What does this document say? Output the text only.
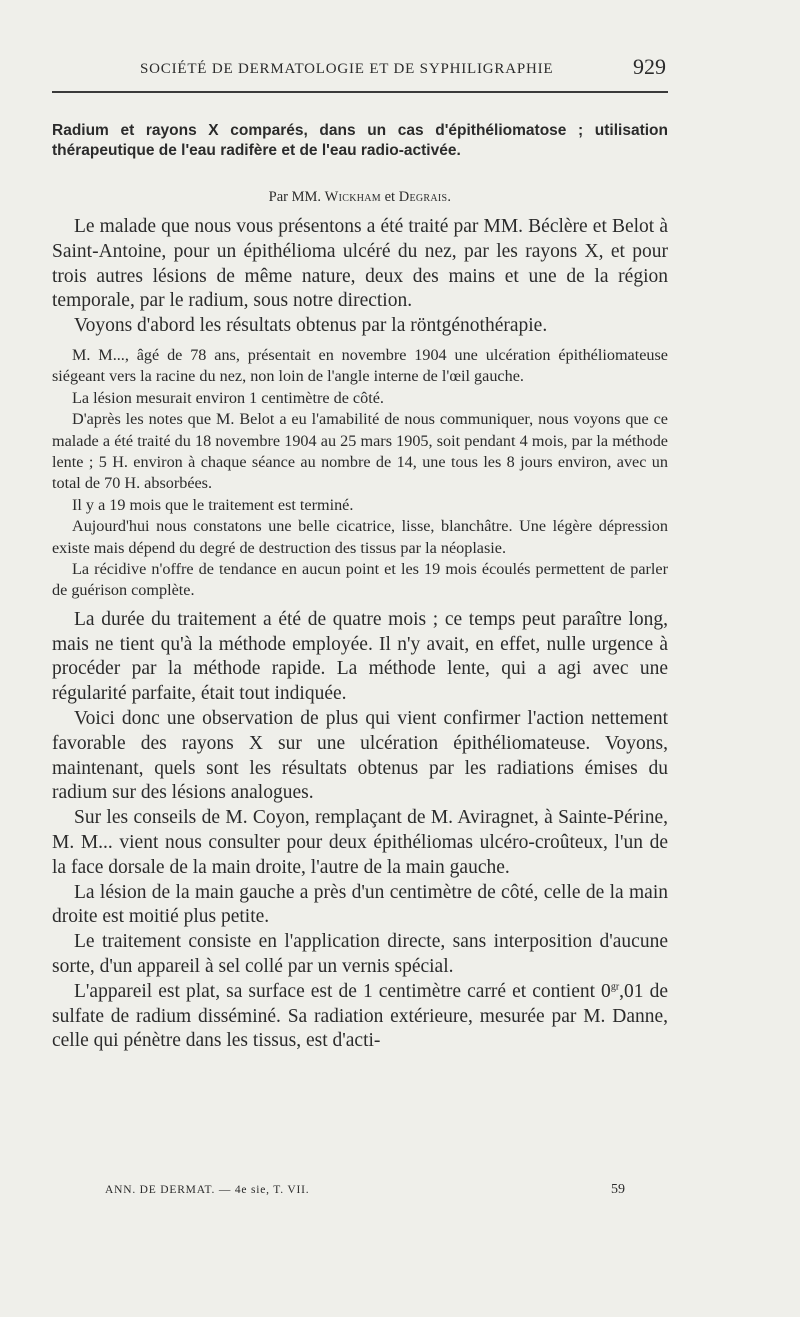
SOCIÉTÉ DE DERMATOLOGIE ET DE SYPHILIGRAPHIE	929
Radium et rayons X comparés, dans un cas d'épithéliomatose ; utilisation thérapeutique de l'eau radifère et de l'eau radio-activée.
Par MM. Wickham et Degrais.

Le malade que nous vous présentons a été traité par MM. Béclère et Belot à Saint-Antoine, pour un épithélioma ulcéré du nez, par les rayons X, et pour trois autres lésions de même nature, deux des mains et une de la région temporale, par le radium, sous notre direction.

Voyons d'abord les résultats obtenus par la röntgénothérapie.

M. M..., âgé de 78 ans, présentait en novembre 1904 une ulcération épithéliomateuse siégeant vers la racine du nez, non loin de l'angle interne de l'œil gauche.

La lésion mesurait environ 1 centimètre de côté.

D'après les notes que M. Belot a eu l'amabilité de nous communiquer, nous voyons que ce malade a été traité du 18 novembre 1904 au 25 mars 1905, soit pendant 4 mois, par la méthode lente ; 5 H. environ à chaque séance au nombre de 14, une tous les 8 jours environ, avec un total de 70 H. absorbées.

Il y a 19 mois que le traitement est terminé.

Aujourd'hui nous constatons une belle cicatrice, lisse, blanchâtre. Une légère dépression existe mais dépend du degré de destruction des tissus par la néoplasie.

La récidive n'offre de tendance en aucun point et les 19 mois écoulés permettent de parler de guérison complète.

La durée du traitement a été de quatre mois ; ce temps peut paraître long, mais ne tient qu'à la méthode employée. Il n'y avait, en effet, nulle urgence à procéder par la méthode rapide. La méthode lente, qui a agi avec une régularité parfaite, était tout indiquée.

Voici donc une observation de plus qui vient confirmer l'action nettement favorable des rayons X sur une ulcération épithéliomateuse. Voyons, maintenant, quels sont les résultats obtenus par les radiations émises du radium sur des lésions analogues.

Sur les conseils de M. Coyon, remplaçant de M. Aviragnet, à Sainte-Périne, M. M... vient nous consulter pour deux épithéliomas ulcéro-croûteux, l'un de la face dorsale de la main droite, l'autre de la main gauche.

La lésion de la main gauche a près d'un centimètre de côté, celle de la main droite est moitié plus petite.

Le traitement consiste en l'application directe, sans interposition d'aucune sorte, d'un appareil à sel collé par un vernis spécial.

L'appareil est plat, sa surface est de 1 centimètre carré et contient $0^{gr},01$ de sulfate de radium disséminé. Sa radiation extérieure, mesurée par M. Danne, celle qui pénètre dans les tissus, est d'acti-

ANN. DE DERMAT. — 4e sie, T. VII.	59
